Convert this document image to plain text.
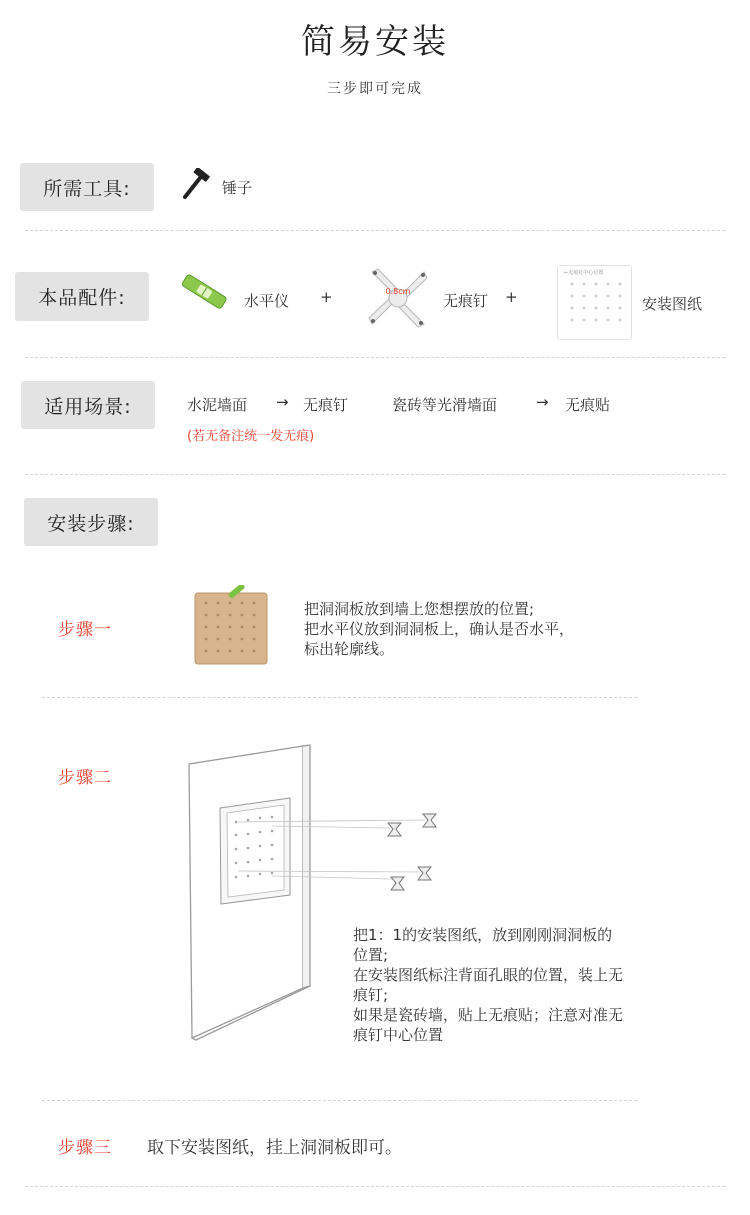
简易安装
三步即可完成
所需工具:	锤子
本品配件:	水平仪 +	0.8cm
无痕钉 +
←无痕钉中心位置
安装图纸
适用场景:	水泥墙面 → 无痕钉	瓷砖等光滑墙面	→ 无痕贴
(若无备注统一发无痕)
安装步骤:
步骤一
把洞洞板放到墙上您想摆放的位置;
把水平仪放到洞洞板上，确认是否水平，
标出轮廓线。
步骤二
把1：1的安装图纸，放到刚刚洞洞板的
位置;
在安装图纸标注背面孔眼的位置，装上无
痕钉;
如果是瓷砖墙，贴上无痕贴；注意对准无
痕钉中心位置
步骤三 取下安装图纸，挂上洞洞板即可。
